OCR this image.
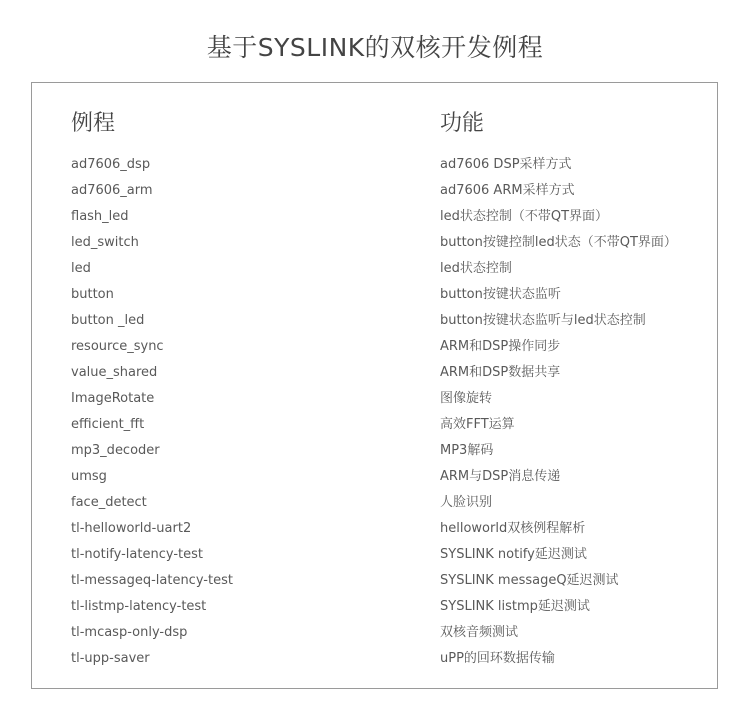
基于SYSLINK的双核开发例程
例程	功能
ad7606_dsp	ad7606 DSP采样方式
ad7606_arm	ad7606 ARM采样方式
flash_led	led状态控制（不带QT界面）
led_switch	button按键控制led状态（不带QT界面）
led	led状态控制
button	button按键状态监听
button _led	button按键状态监听与led状态控制
resource_sync	ARM和DSP操作同步
value_shared	ARM和DSP数据共享
ImageRotate	图像旋转
efficient_fft	高效FFT运算
mp3_decoder	MP3解码
umsg	ARM与DSP消息传递
face_detect	人脸识别
tl-helloworld-uart2	helloworld双核例程解析
tl-notify-latency-test	SYSLINK notify延迟测试
tl-messageq-latency-test	SYSLINK messageQ延迟测试
tl-listmp-latency-test	SYSLINK listmp延迟测试
tl-mcasp-only-dsp	双核音频测试
tl-upp-saver	uPP的回环数据传输
